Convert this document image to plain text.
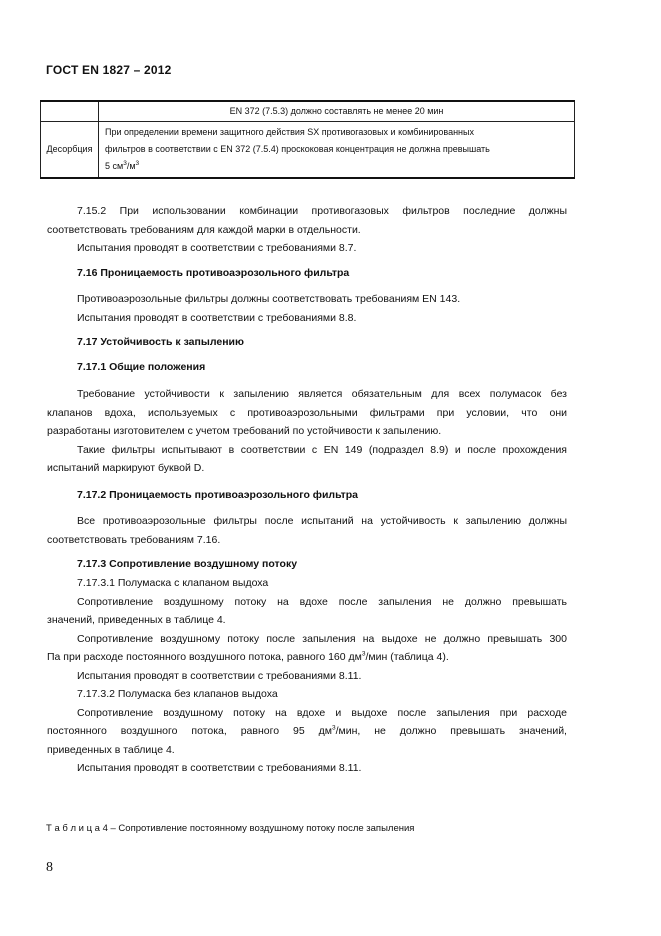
ГОСТ EN 1827 – 2012
	EN 372 (7.5.3) должно составлять не менее 20 мин
Десорбция	При определении времени защитного действия SX противогазовых и комбинированных
фильтров в соответствии с EN 372 (7.5.4) проскоковая концентрация не должна превышать
5 $см^3/м^3$
7.15.2 При использовании комбинации противогазовых фильтров последние должны
соответствовать требованиям для каждой марки в отдельности.
Испытания проводят в соответствии с требованиями 8.7.
7.16 Проницаемость противоаэрозольного фильтра
Противоаэрозольные фильтры должны соответствовать требованиям EN 143.
Испытания проводят в соответствии с требованиями 8.8.
7.17 Устойчивость к запылению
7.17.1 Общие положения
Требование устойчивости к запылению является обязательным для всех полумасок без
клапанов вдоха, используемых с противоаэрозольными фильтрами при условии, что они
разработаны изготовителем с учетом требований по устойчивости к запылению.
Такие фильтры испытывают в соответствии с EN 149 (подраздел 8.9) и после прохождения
испытаний маркируют буквой D.
7.17.2 Проницаемость противоаэрозольного фильтра
Все противоаэрозольные фильтры после испытаний на устойчивость к запылению должны
соответствовать требованиям 7.16.
7.17.3 Сопротивление воздушному потоку
7.17.3.1 Полумаска с клапаном выдоха
Сопротивление воздушному потоку на вдохе после запыления не должно превышать
значений, приведенных в таблице 4.
Сопротивление воздушному потоку после запыления на выдохе не должно превышать 300
Па при расходе постоянного воздушного потока, равного 160 $дм^3$/мин (таблица 4).
Испытания проводят в соответствии с требованиями 8.11.
7.17.3.2 Полумаска без клапанов выдоха
Сопротивление воздушному потоку на вдохе и выдохе после запыления при расходе
постоянного воздушного потока, равного 95 $дм^3$/мин, не должно превышать значений,
приведенных в таблице 4.
Испытания проводят в соответствии с требованиями 8.11.
Т а б л и ц а 4 – Сопротивление постоянному воздушному потоку после запыления
8
